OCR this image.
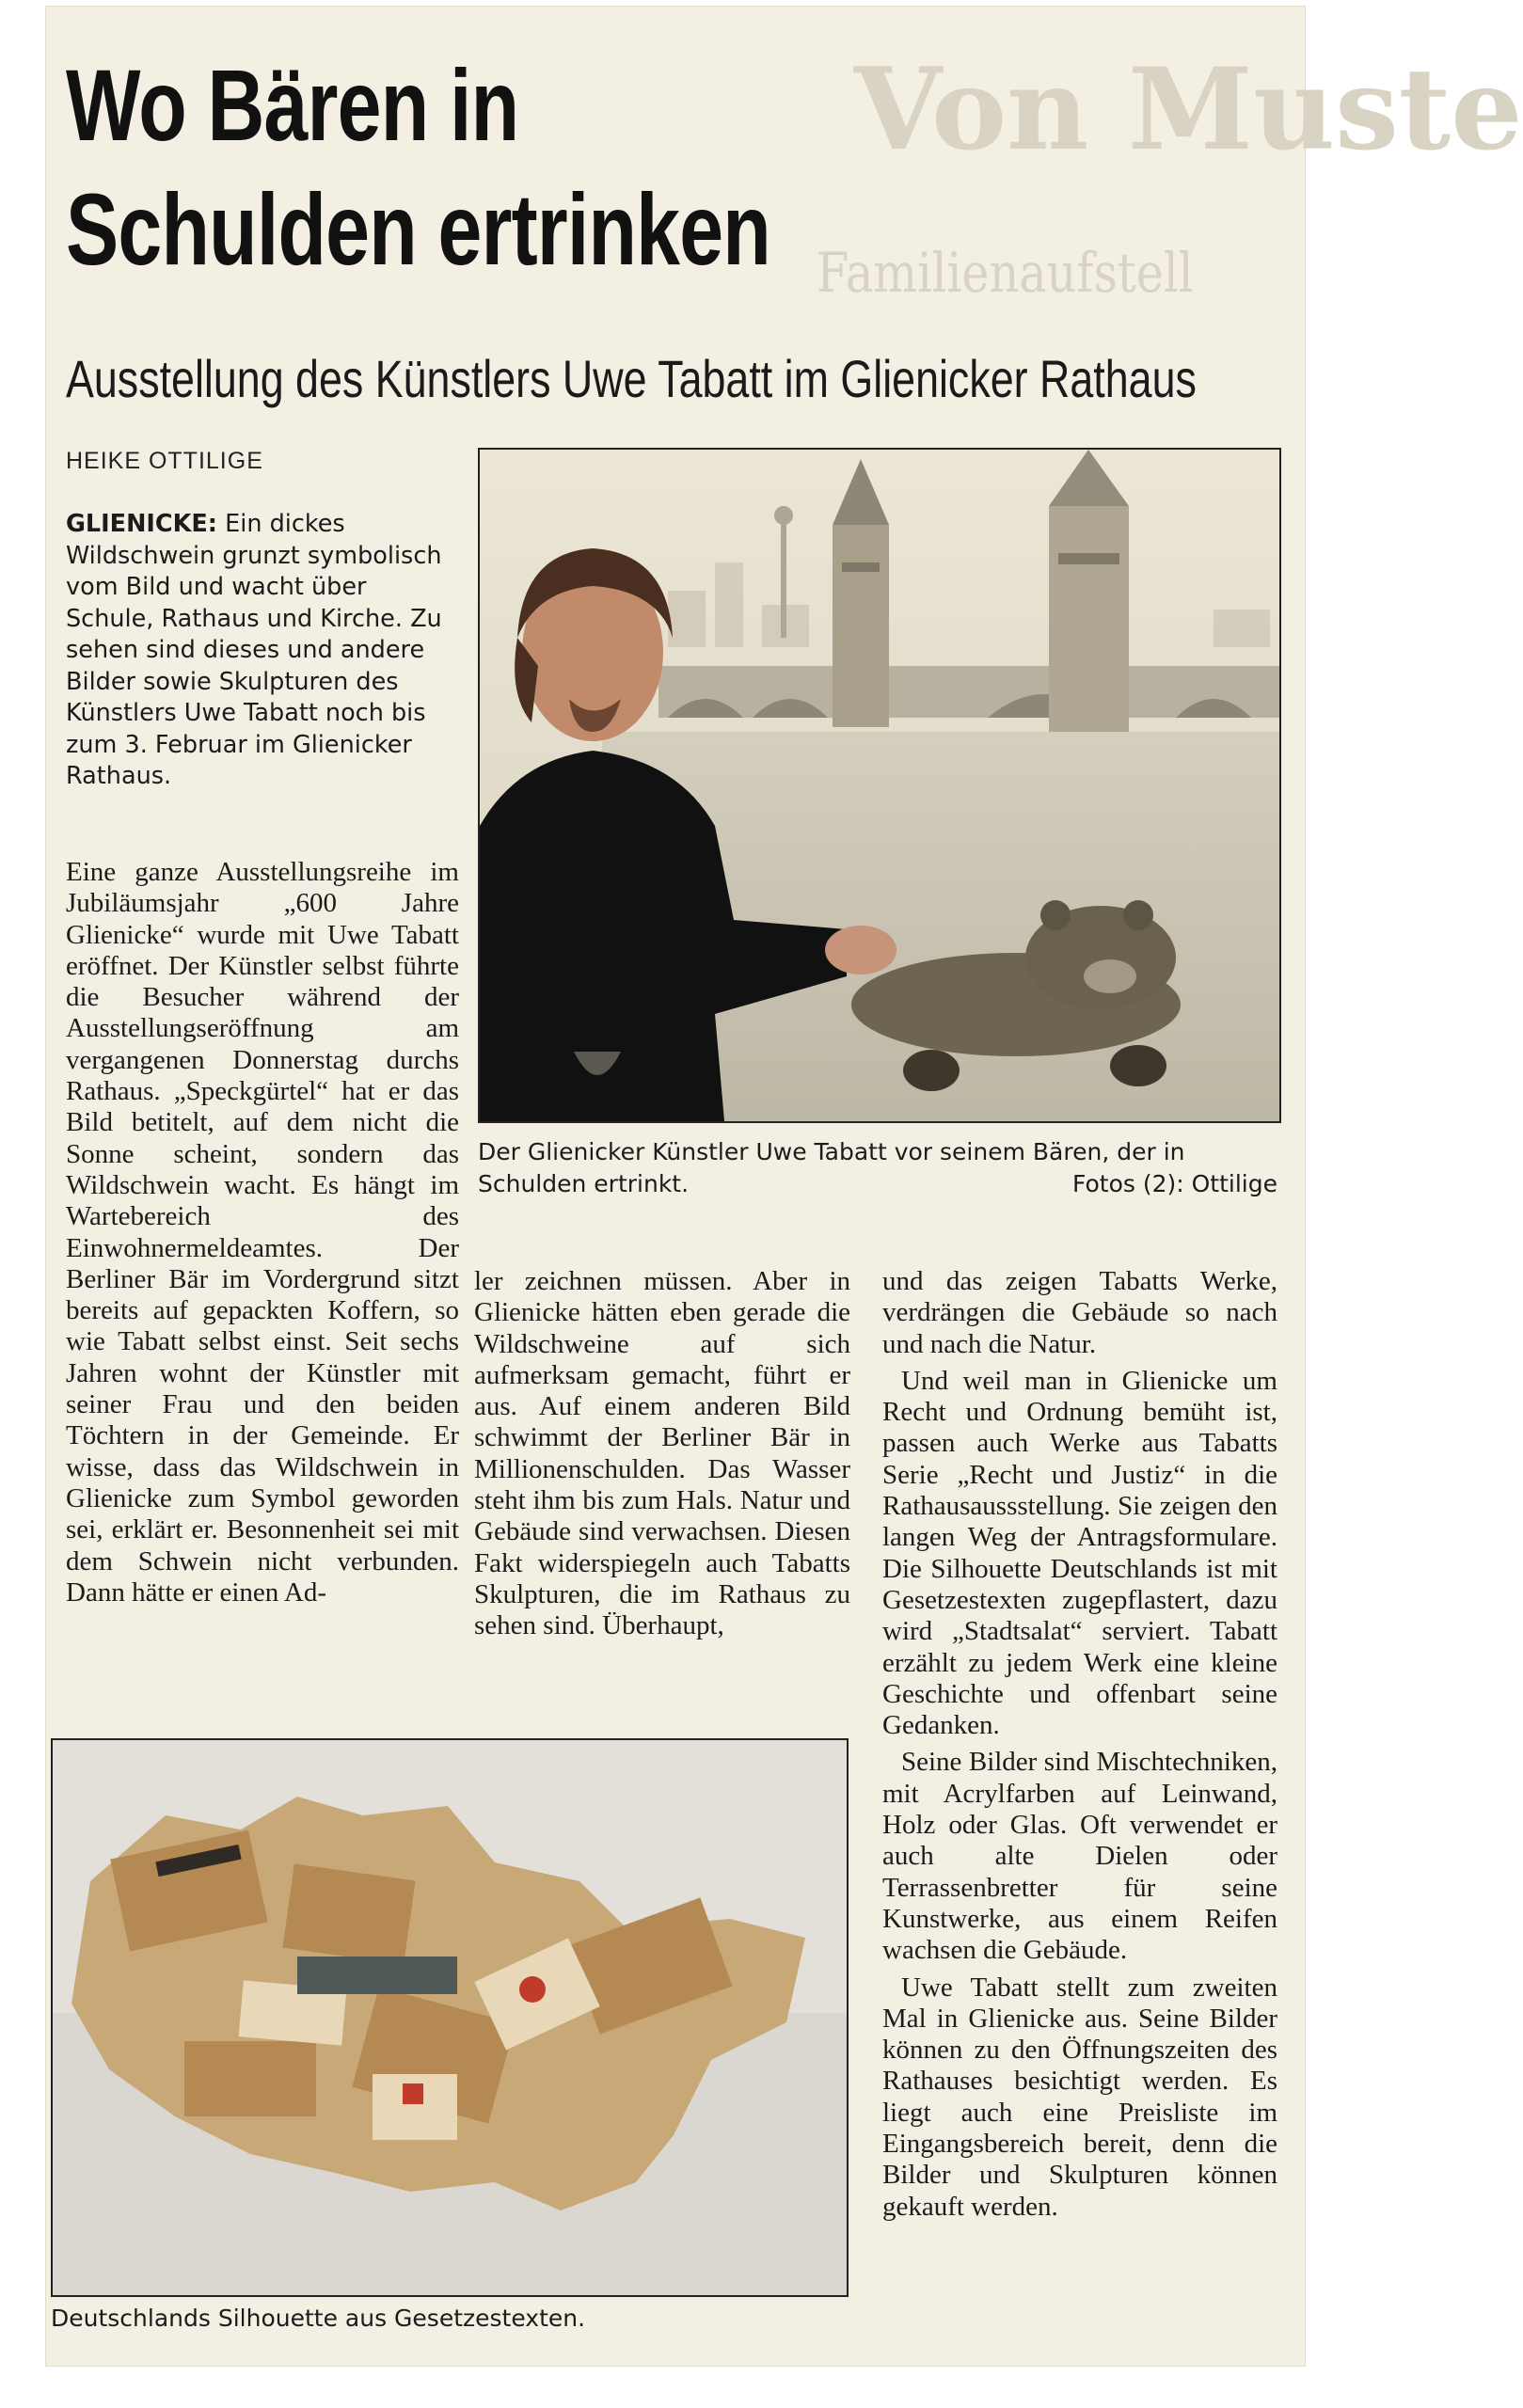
Von Muste
Familienaufstell
Wo Bären in
Schulden ertrinken
Ausstellung des Künstlers Uwe Tabatt im Glienicker Rathaus
HEIKE OTTILIGE

GLIENICKE: Ein dickes Wildschwein grunzt symbolisch vom Bild und wacht über Schule, Rathaus und Kirche. Zu sehen sind dieses und andere Bilder sowie Skulpturen des Künstlers Uwe Tabatt noch bis zum 3. Februar im Glienicker Rathaus.

Der Glienicker Künstler Uwe Tabatt vor seinem Bären, der in Schulden ertrinkt.	Fotos (2): Ottilige

Eine ganze Ausstellungsreihe im Jubiläumsjahr „600 Jahre Glienicke“ wurde mit Uwe Tabatt eröffnet. Der Künstler selbst führte die Besucher während der Ausstellungseröffnung am vergangenen Donnerstag durchs Rathaus. „Speckgürtel“ hat er das Bild betitelt, auf dem nicht die Sonne scheint, sondern das Wildschwein wacht. Es hängt im Wartebereich des Einwohnermeldeamtes. Der Berliner Bär im Vordergrund sitzt bereits auf gepackten Koffern, so wie Tabatt selbst einst. Seit sechs Jahren wohnt der Künstler mit seiner Frau und den beiden Töchtern in der Gemeinde. Er wisse, dass das Wildschwein in Glienicke zum Symbol geworden sei, erklärt er. Besonnenheit sei mit dem Schwein nicht verbunden. Dann hätte er einen Ad-

ler zeichnen müssen. Aber in Glienicke hätten eben gerade die Wildschweine auf sich aufmerksam gemacht, führt er aus. Auf einem anderen Bild schwimmt der Berliner Bär in Millionenschulden. Das Wasser steht ihm bis zum Hals. Natur und Gebäude sind verwachsen. Diesen Fakt widerspiegeln auch Tabatts Skulpturen, die im Rathaus zu sehen sind. Überhaupt,

und das zeigen Tabatts Werke, verdrängen die Gebäude so nach und nach die Natur.

Und weil man in Glienicke um Recht und Ordnung bemüht ist, passen auch Werke aus Tabatts Serie „Recht und Justiz“ in die Rathausaussstellung. Sie zeigen den langen Weg der Antragsformulare. Die Silhouette Deutschlands ist mit Gesetzestexten zugepflastert, dazu wird „Stadtsalat“ serviert. Tabatt erzählt zu jedem Werk eine kleine Geschichte und offenbart seine Gedanken.

Seine Bilder sind Mischtechniken, mit Acrylfarben auf Leinwand, Holz oder Glas. Oft verwendet er auch alte Dielen oder Terrassenbretter für seine Kunstwerke, aus einem Reifen wachsen die Gebäude.

Uwe Tabatt stellt zum zweiten Mal in Glienicke aus. Seine Bilder können zu den Öffnungszeiten des Rathauses besichtigt werden. Es liegt auch eine Preisliste im Eingangsbereich bereit, denn die Bilder und Skulpturen können gekauft werden.

Deutschlands Silhouette aus Gesetzestexten.
